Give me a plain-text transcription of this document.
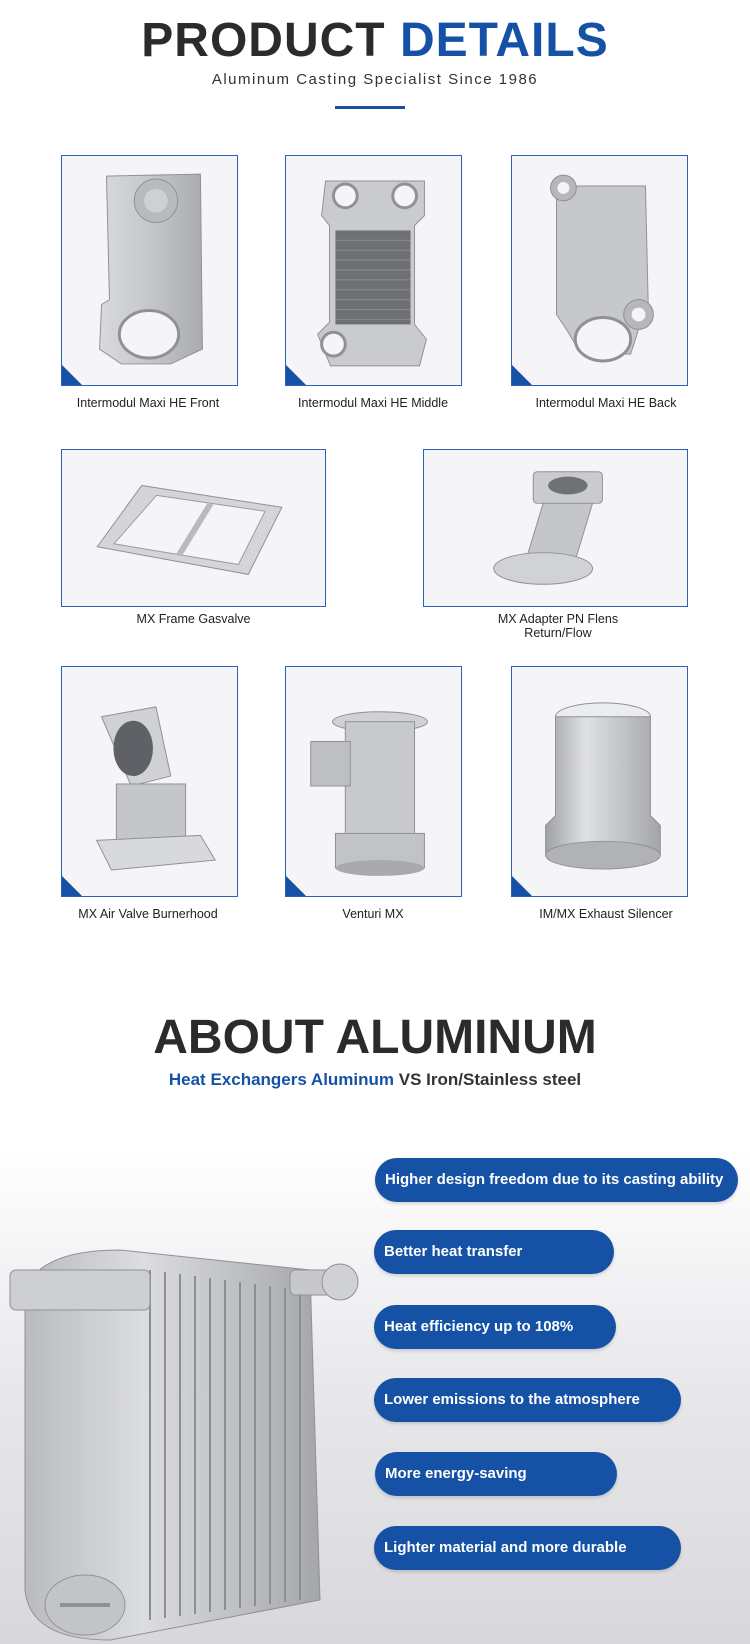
PRODUCT DETAILS
Aluminum Casting Specialist Since 1986
Intermodul Maxi HE Front	Intermodul Maxi HE Middle	Intermodul Maxi HE Back
MX Frame Gasvalve	MX Adapter PN Flens
Return/Flow
MX Air Valve Burnerhood	Venturi MX	IM/MX Exhaust Silencer
ABOUT ALUMINUM
Heat Exchangers Aluminum VS Iron/Stainless steel
Higher design freedom due to its casting ability
Better heat transfer
Heat efficiency up to 108%
Lower emissions to the atmosphere
More energy-saving
Lighter material and more durable
